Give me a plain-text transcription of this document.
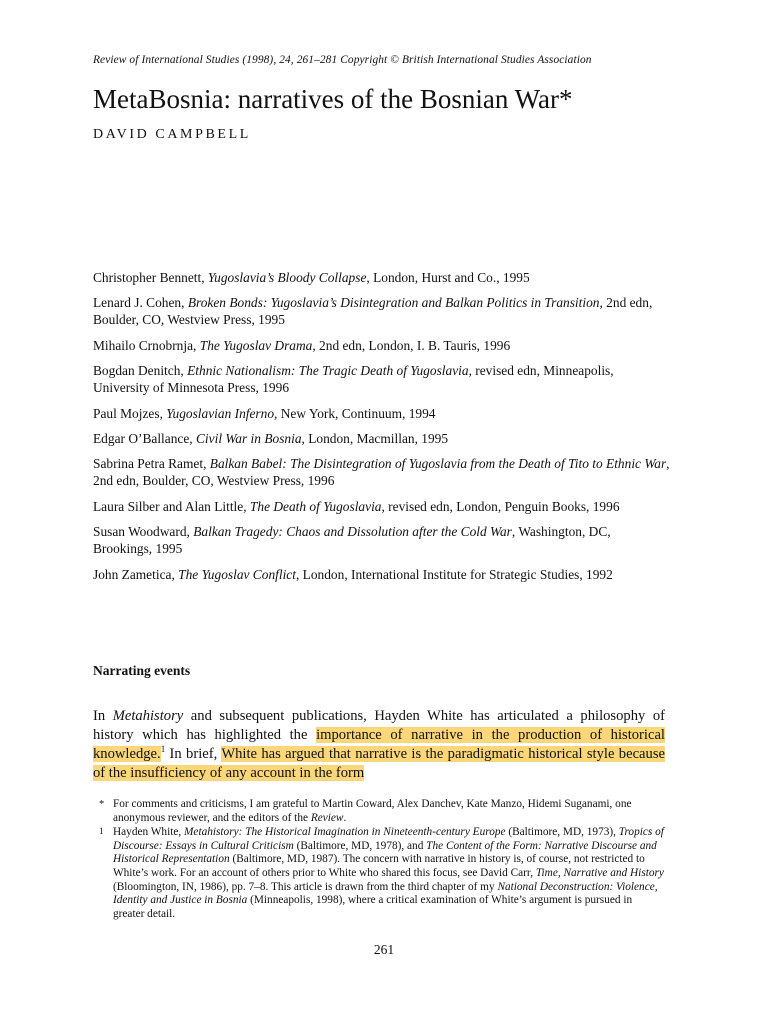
Review of International Studies (1998), 24, 261–281 Copyright © British International Studies Association
MetaBosnia: narratives of the Bosnian War*
DAVID CAMPBELL
Christopher Bennett, Yugoslavia’s Bloody Collapse, London, Hurst and Co., 1995
Lenard J. Cohen, Broken Bonds: Yugoslavia’s Disintegration and Balkan Politics in Transition, 2nd edn, Boulder, CO, Westview Press, 1995
Mihailo Crnobrnja, The Yugoslav Drama, 2nd edn, London, I. B. Tauris, 1996
Bogdan Denitch, Ethnic Nationalism: The Tragic Death of Yugoslavia, revised edn, Minneapolis, University of Minnesota Press, 1996
Paul Mojzes, Yugoslavian Inferno, New York, Continuum, 1994
Edgar O’Ballance, Civil War in Bosnia, London, Macmillan, 1995
Sabrina Petra Ramet, Balkan Babel: The Disintegration of Yugoslavia from the Death of Tito to Ethnic War, 2nd edn, Boulder, CO, Westview Press, 1996
Laura Silber and Alan Little, The Death of Yugoslavia, revised edn, London, Penguin Books, 1996
Susan Woodward, Balkan Tragedy: Chaos and Dissolution after the Cold War, Washington, DC, Brookings, 1995
John Zametica, The Yugoslav Conflict, London, International Institute for Strategic Studies, 1992
Narrating events

In Metahistory and subsequent publications, Hayden White has articulated a philosophy of history which has highlighted the importance of narrative in the production of historical knowledge.$^1$ In brief, White has argued that narrative is the paradigmatic historical style because of the insufficiency of any account in the form

* For comments and criticisms, I am grateful to Martin Coward, Alex Danchev, Kate Manzo, Hidemi Suganami, one anonymous reviewer, and the editors of the Review.
1 Hayden White, Metahistory: The Historical Imagination in Nineteenth-century Europe (Baltimore, MD, 1973), Tropics of Discourse: Essays in Cultural Criticism (Baltimore, MD, 1978), and The Content of the Form: Narrative Discourse and Historical Representation (Baltimore, MD, 1987). The concern with narrative in history is, of course, not restricted to White’s work. For an account of others prior to White who shared this focus, see David Carr, Time, Narrative and History (Bloomington, IN, 1986), pp. 7–8. This article is drawn from the third chapter of my National Deconstruction: Violence, Identity and Justice in Bosnia (Minneapolis, 1998), where a critical examination of White’s argument is pursued in greater detail.
261
